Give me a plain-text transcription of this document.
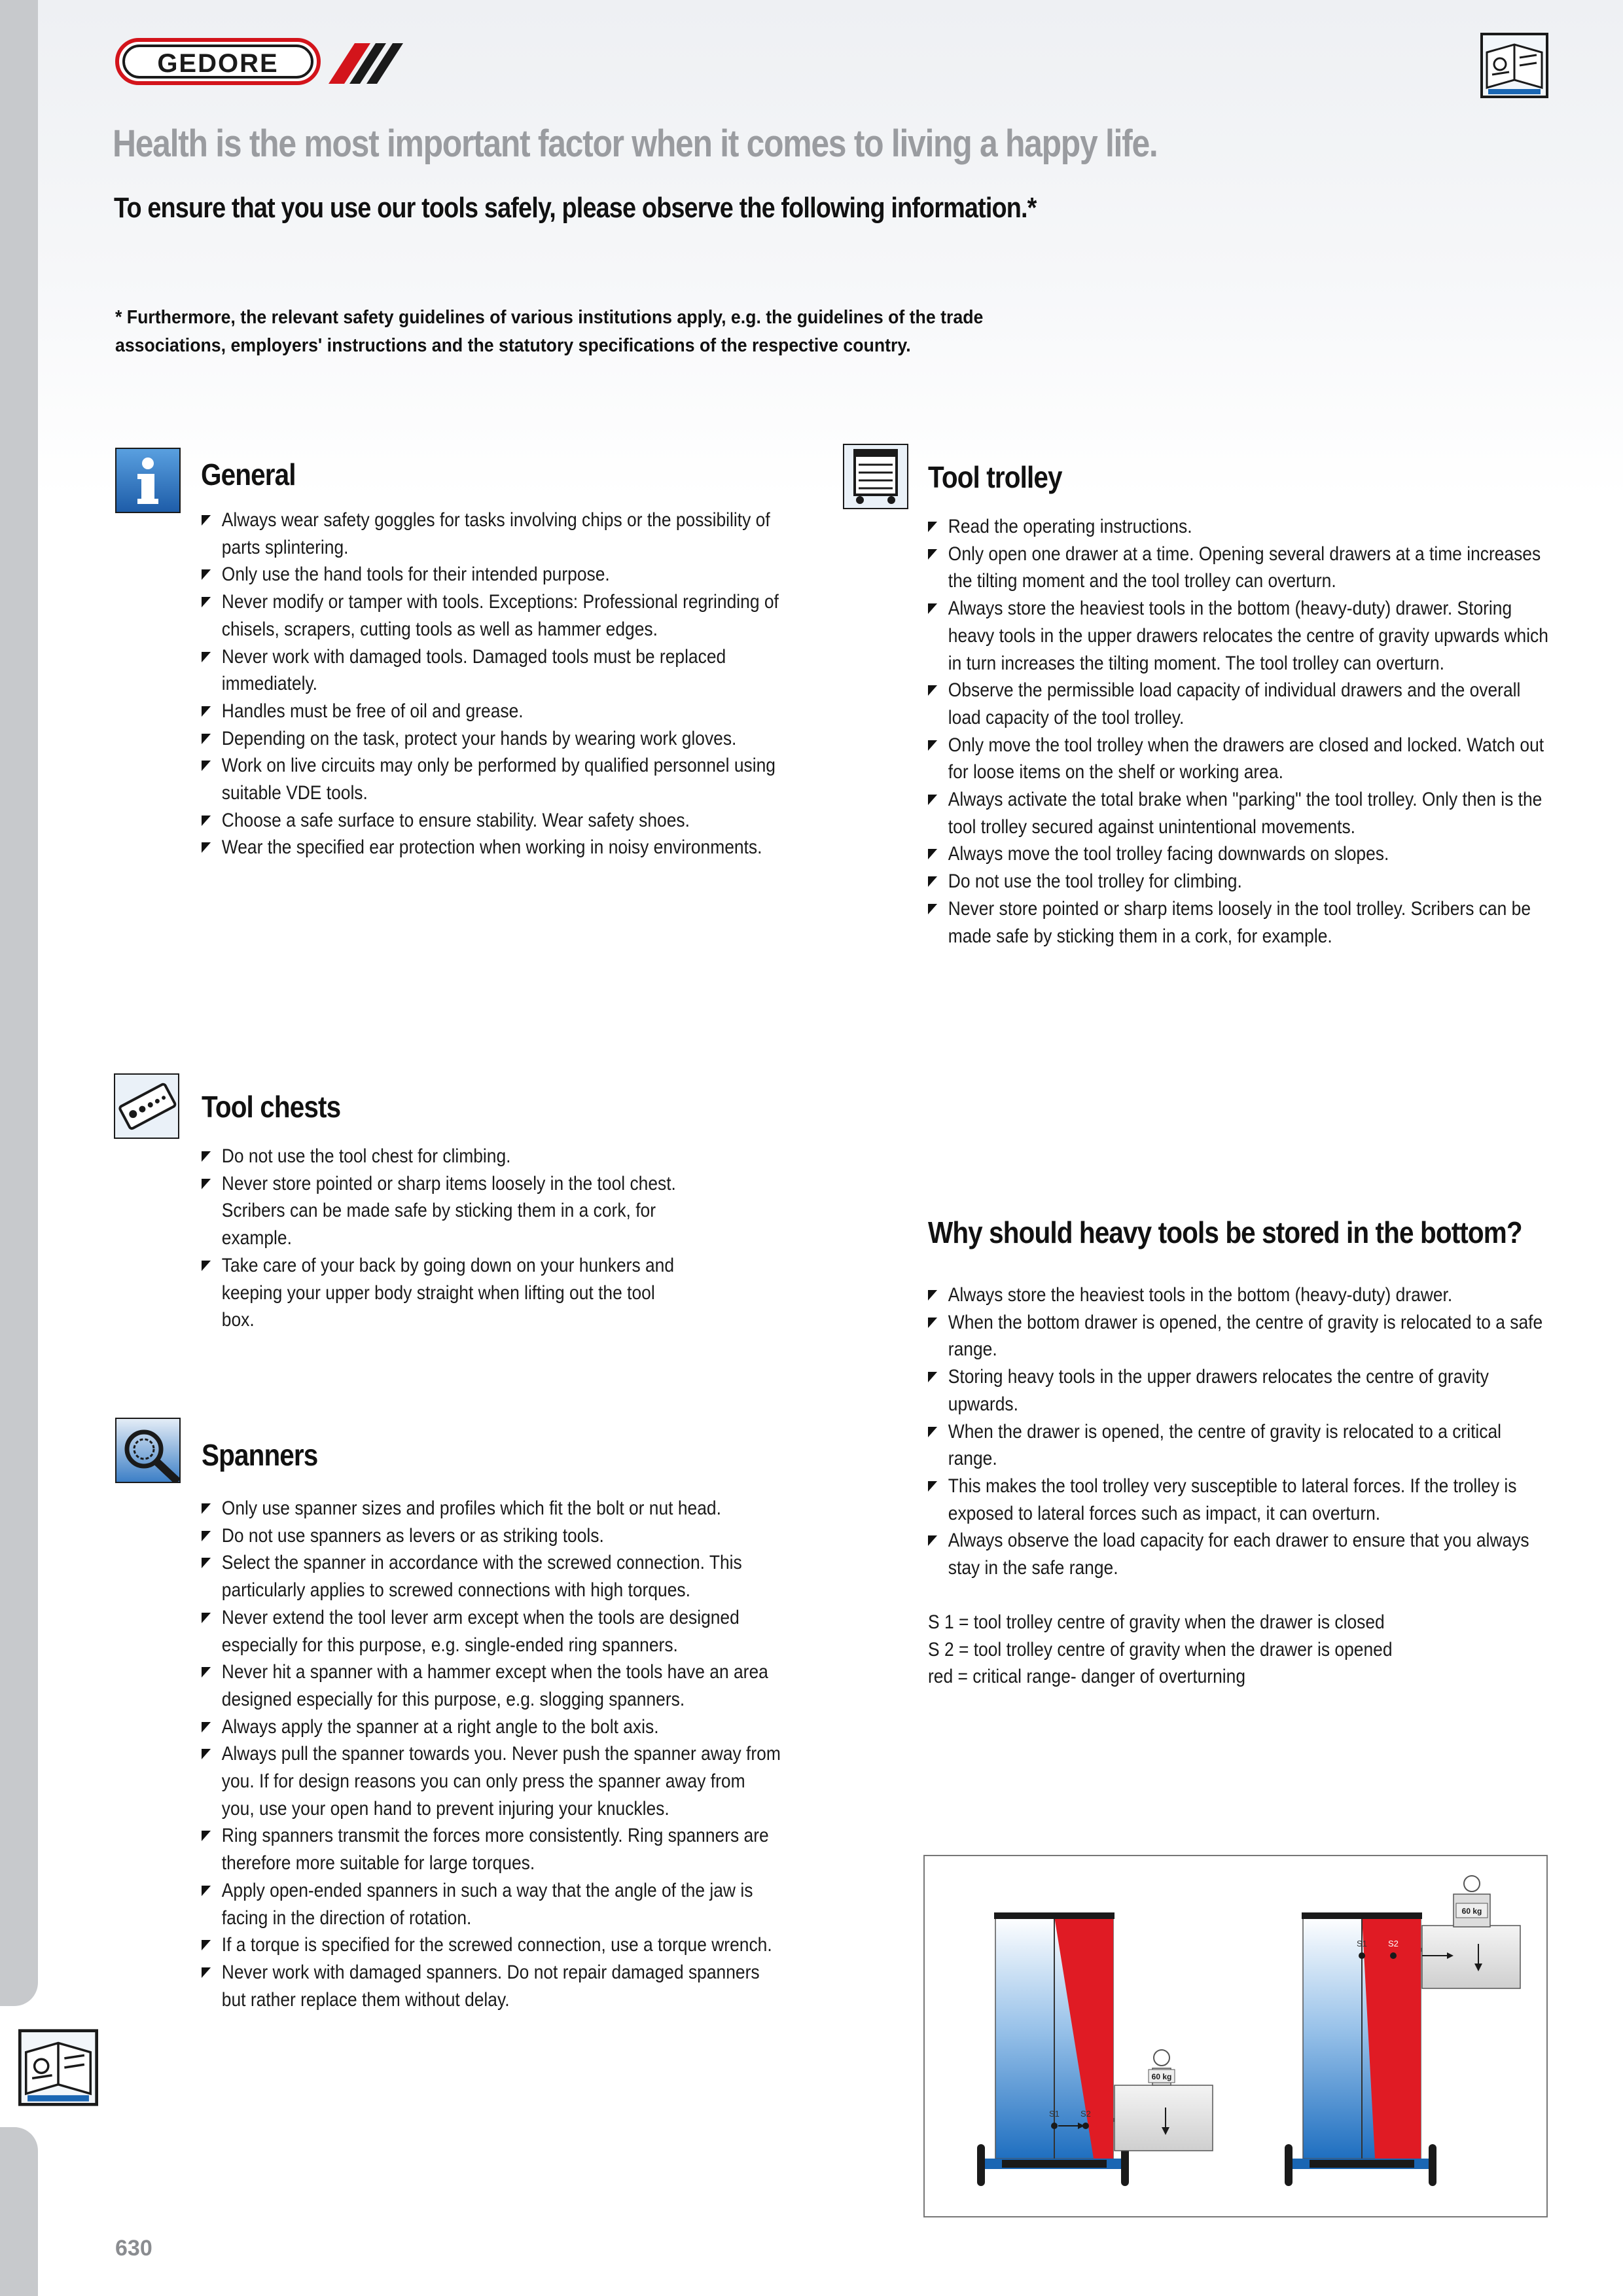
GEDORE
Health is the most important factor when it comes to living a happy life.
To ensure that you use our tools safely, please observe the following information.*
* Furthermore, the relevant safety guidelines of various institutions apply, e.g. the guidelines of the trade
associations, employers' instructions and the statutory specifications of the respective country.
General
Always wear safety goggles for tasks involving chips or the possibility of parts splintering.
Only use the hand tools for their intended purpose.
Never modify or tamper with tools. Exceptions: Professional regrinding of chisels, scrapers, cutting tools as well as hammer edges.
Never work with damaged tools. Damaged tools must be replaced immediately.
Handles must be free of oil and grease.
Depending on the task, protect your hands by wearing work gloves.
Work on live circuits may only be performed by qualified personnel using suitable VDE tools.
Choose a safe surface to ensure stability. Wear safety shoes.
Wear the specified ear protection when working in noisy environments.
Tool trolley
Read the operating instructions.
Only open one drawer at a time. Opening several drawers at a time increases the tilting moment and the tool trolley can overturn.
Always store the heaviest tools in the bottom (heavy-duty) drawer. Storing heavy tools in the upper drawers relocates the centre of gravity upwards which in turn increases the tilting moment. The tool trolley can overturn.
Observe the permissible load capacity of individual drawers and the overall load capacity of the tool trolley.
Only move the tool trolley when the drawers are closed and locked. Watch out for loose items on the shelf or working area.
Always activate the total brake when "parking" the tool trolley. Only then is the tool trolley secured against unintentional movements.
Always move the tool trolley facing downwards on slopes.
Do not use the tool trolley for climbing.
Never store pointed or sharp items loosely in the tool trolley. Scribers can be made safe by sticking them in a cork, for example.
Tool chests
Do not use the tool chest for climbing.
Never store pointed or sharp items loosely in the tool chest. Scribers can be made safe by sticking them in a cork, for example.
Take care of your back by going down on your hunkers and keeping your upper body straight when lifting out the tool box.
Spanners
Only use spanner sizes and profiles which fit the bolt or nut head.
Do not use spanners as levers or as striking tools.
Select the spanner in accordance with the screwed connection. This particularly applies to screwed connections with high torques.
Never extend the tool lever arm except when the tools are designed especially for this purpose, e.g. single-ended ring spanners.
Never hit a spanner with a hammer except when the tools have an area designed especially for this purpose, e.g. slogging spanners.
Always apply the spanner at a right angle to the bolt axis.
Always pull the spanner towards you. Never push the spanner away from you. If for design reasons you can only press the spanner away from you, use your open hand to prevent injuring your knuckles.
Ring spanners transmit the forces more consistently. Ring spanners are therefore more suitable for large torques.
Apply open-ended spanners in such a way that the angle of the jaw is facing in the direction of rotation.
If a torque is specified for the screwed connection, use a torque wrench.
Never work with damaged spanners. Do not repair damaged spanners but rather replace them without delay.
Why should heavy tools be stored in the bottom?
Always store the heaviest tools in the bottom (heavy-duty) drawer.
When the bottom drawer is opened, the centre of gravity is relocated to a safe range.
Storing heavy tools in the upper drawers relocates the centre of gravity upwards.
When the drawer is opened, the centre of gravity is relocated to a critical range.
This makes the tool trolley very susceptible to lateral forces. If the trolley is exposed to lateral forces such as impact, it can overturn.
Always observe the load capacity for each drawer to ensure that you always stay in the safe range.
S 1 = tool trolley centre of gravity when the drawer is closed
S 2 = tool trolley centre of gravity when the drawer is opened
red = critical range- danger of overturning
60 kg
S1 S2
60 kg
S1 S2
630
